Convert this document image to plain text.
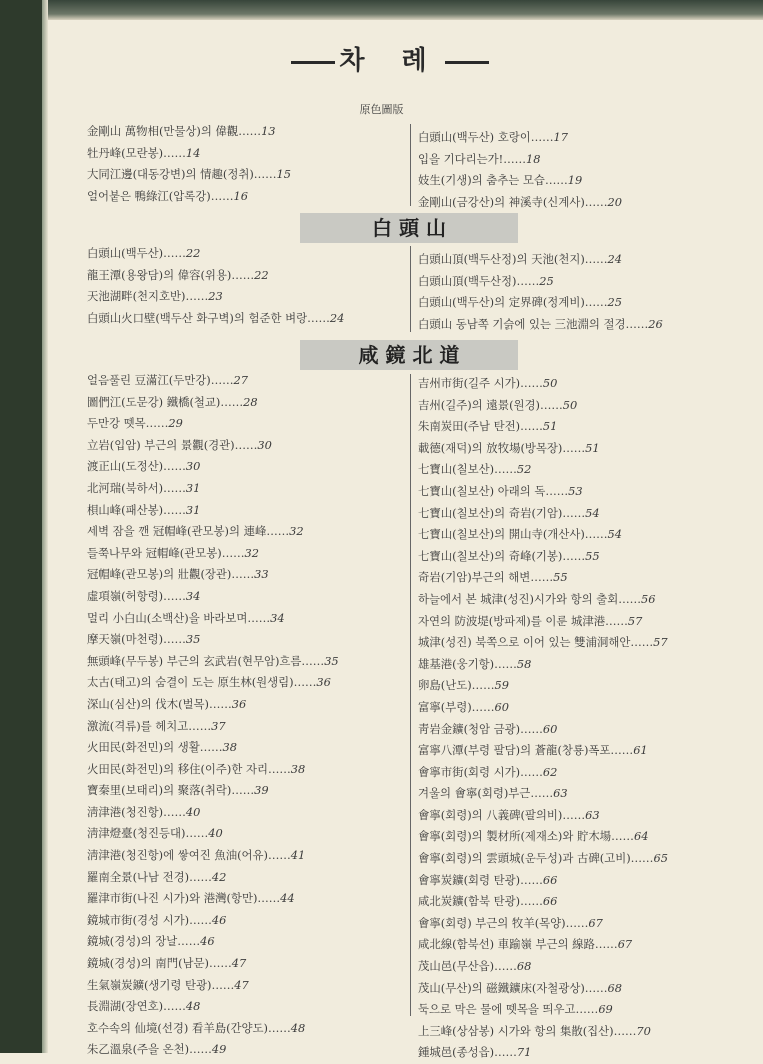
차 례
原色圖版
金剛山 萬物相(만물상)의 偉觀……13
牡丹峰(모란봉)……14
大同江邊(대동강변)의 情趣(정취)……15
얼어붙은 鴨綠江(압록강)……16
白頭山(백두산) 호랑이……17
입을 기다리는가!……18
妓生(기생)의 춤추는 모습……19
金剛山(금강산)의 神溪寺(신계사)……20
白 頭 山
白頭山(백두산)……22
龍王潭(용왕담)의 偉容(위용)……22
天池湖畔(천지호반)……23
白頭山火口壁(백두산 화구벽)의 험준한 벼랑……24
白頭山頂(백두산정)의 天池(천지)……24
白頭山頂(백두산정)……25
白頭山(백두산)의 定界碑(정계비)……25
白頭山 동남쪽 기슭에 있는 三池淵의 절경……26
咸 鏡 北 道
얼음풀린 豆滿江(두만강)……27
圖們江(도문강) 鐵橋(철교)……28
두만강 뗏목……29
立岩(입암) 부근의 景觀(경관)……30
渡正山(도정산)……30
北河瑞(북하서)……31
梖山峰(패산봉)……31
세벽 잠을 깬 冠帽峰(관모봉)의 連峰……32
들쭉나무와 冠帽峰(관모봉)……32
冠帽峰(관모봉)의 壯觀(장관)……33
虛項嶺(허항령)……34
멀리 小白山(소백산)을 바라보며……34
摩天嶺(마천령)……35
無頭峰(무두봉) 부근의 玄武岩(현무암)흐름……35
太古(태고)의 숨결이 도는 原生林(원생림)……36
深山(심산)의 伐木(벌목)……36
激流(격류)를 헤치고……37
火田民(화전민)의 생활……38
火田民(화전민)의 移住(이주)한 자리……38
寶秦里(보태리)의 聚落(취락)……39
淸津港(청진항)……40
淸津燈臺(청진등대)……40
淸津港(청진항)에 쌓여진 魚油(어유)……41
羅南全景(나남 전경)……42
羅津市街(나진 시가)와 港灣(항만)……44
鏡城市街(경성 시가)……46
鏡城(경성)의 장날……46
鏡城(경성)의 南門(남문)……47
生氣嶺炭鑛(생기령 탄광)……47
長淵湖(장연호)……48
호수속의 仙境(선경) 看羊島(간양도)……48
朱乙溫泉(주을 온천)……49
吉州市街(길주 시가)……50
吉州(길주)의 遠景(원경)……50
朱南炭田(주남 탄전)……51
載德(재덕)의 放牧場(방목장)……51
七寶山(칠보산)……52
七寶山(칠보산) 아래의 독……53
七寶山(칠보산)의 奇岩(기암)……54
七寶山(칠보산)의 開山寺(개산사)……54
七寶山(칠보산)의 奇峰(기봉)……55
奇岩(기암)부근의 해변……55
하늘에서 본 城津(성진)시가와 항의 출회……56
자연의 防波堤(방파제)를 이룬 城津港……57
城津(성진) 북쪽으로 이어 있는 雙浦洞해안……57
雄基港(웅기항)……58
卵島(난도)……59
富寧(부령)……60
靑岩金鑛(청암 금광)……60
富寧八潭(부령 팔담)의 蒼龍(창룡)폭포……61
會寧市街(회령 시가)……62
겨울의 會寧(회령)부근……63
會寧(회령)의 八義碑(팔의비)……63
會寧(회령)의 製材所(제재소)와 貯木場……64
會寧(회령)의 雲頭城(운두성)과 古碑(고비)……65
會寧炭鑛(회령 탄광)……66
咸北炭鑛(함북 탄광)……66
會寧(회령) 부근의 牧羊(목양)……67
咸北線(함북선) 車踰嶺 부근의 線路……67
茂山邑(무산읍)……68
茂山(무산)의 磁鐵鑛床(자철광상)……68
둑으로 막은 물에 뗏목을 띄우고……69
上三峰(상삼봉) 시가와 항의 集散(집산)……70
鍾城邑(종성읍)……71
